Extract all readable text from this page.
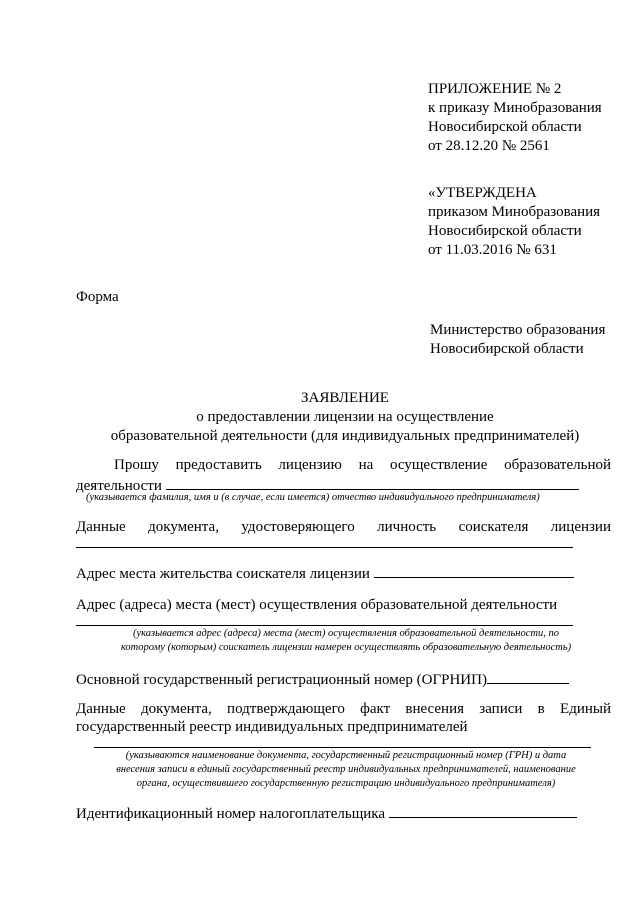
ПРИЛОЖЕНИЕ № 2
к приказу Минобразования
Новосибирской области
от 28.12.20 № 2561
«УТВЕРЖДЕНА
приказом Минобразования
Новосибирской области
от 11.03.2016 № 631
Форма
Министерство образования
Новосибирской области
ЗАЯВЛЕНИЕ
о предоставлении лицензии на осуществление
образовательной деятельности (для индивидуальных предпринимателей)
Прошу предоставить лицензию на осуществление образовательной
деятельности
(указывается фамилия, имя и (в случае, если имеется) отчество индивидуального предпринимателя)
Данные документа, удостоверяющего личность соискателя лицензии
Адрес места жительства соискателя лицензии
Адрес (адреса) места (мест) осуществления образовательной деятельности
(указывается адрес (адреса) места (мест) осуществления образовательной деятельности, по
которому (которым) соискатель лицензии намерен осуществлять образовательную деятельность)
Основной государственный регистрационный номер (ОГРНИП)
Данные документа, подтверждающего факт внесения записи в Единый
государственный реестр индивидуальных предпринимателей
(указываются наименование документа, государственный регистрационный номер (ГРН) и дата
внесения записи в единый государственный реестр индивидуальных предпринимателей, наименование
органа, осуществившего государственную регистрацию индивидуального предпринимателя)
Идентификационный номер налогоплательщика
